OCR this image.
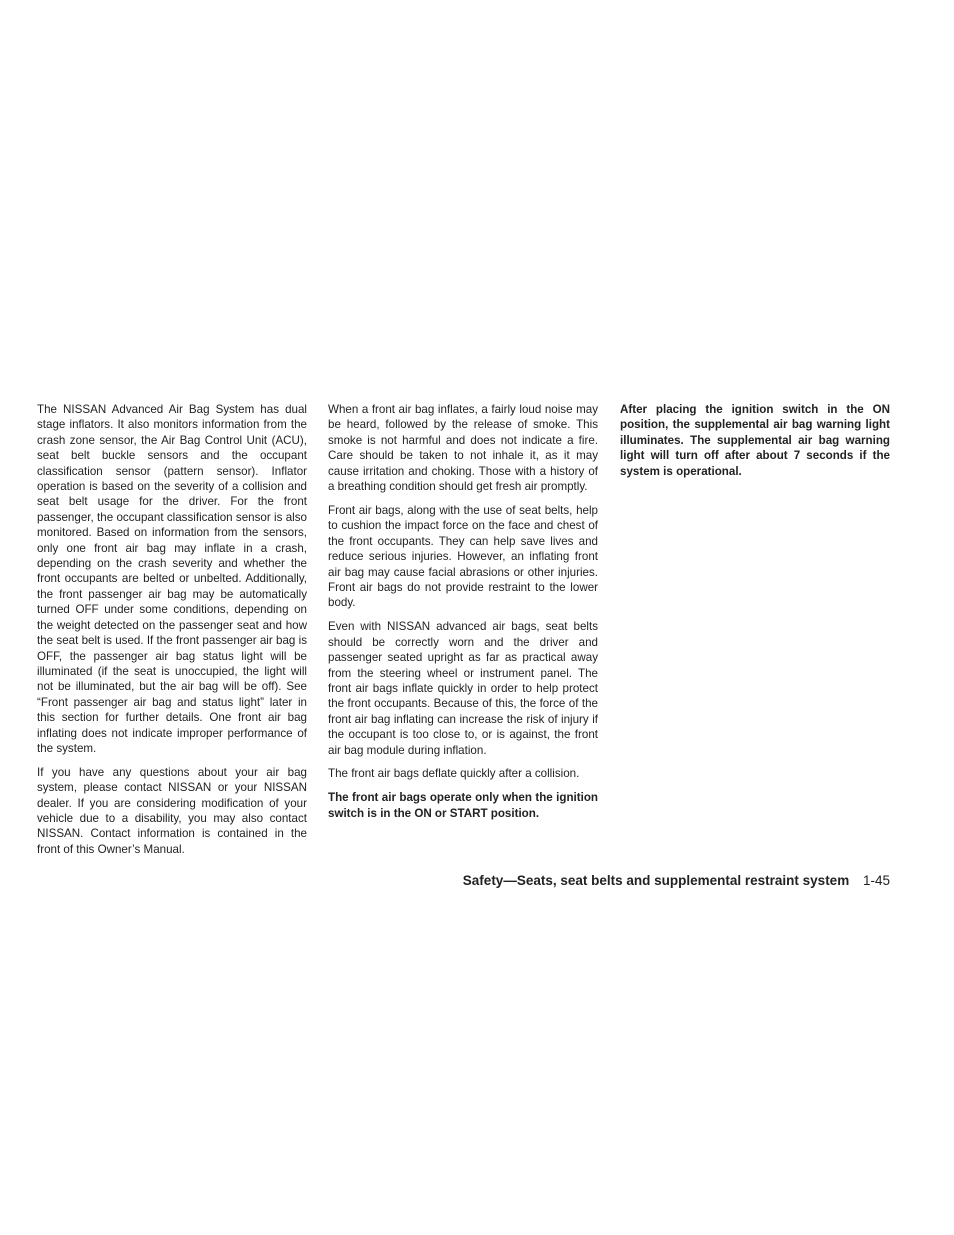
The NISSAN Advanced Air Bag System has dual stage inflators. It also monitors information from the crash zone sensor, the Air Bag Control Unit (ACU), seat belt buckle sensors and the occupant classification sensor (pattern sensor). Inflator operation is based on the severity of a collision and seat belt usage for the driver. For the front passenger, the occupant classification sensor is also monitored. Based on information from the sensors, only one front air bag may inflate in a crash, depending on the crash severity and whether the front occupants are belted or unbelted. Additionally, the front passenger air bag may be automatically turned OFF under some conditions, depending on the weight detected on the passenger seat and how the seat belt is used. If the front passenger air bag is OFF, the passenger air bag status light will be illuminated (if the seat is unoccupied, the light will not be illuminated, but the air bag will be off). See “Front passenger air bag and status light” later in this section for further details. One front air bag inflating does not indicate improper performance of the system.

If you have any questions about your air bag system, please contact NISSAN or your NISSAN dealer. If you are considering modification of your vehicle due to a disability, you may also contact NISSAN. Contact information is contained in the front of this Owner’s Manual.

When a front air bag inflates, a fairly loud noise may be heard, followed by the release of smoke. This smoke is not harmful and does not indicate a fire. Care should be taken to not inhale it, as it may cause irritation and choking. Those with a history of a breathing condition should get fresh air promptly.

Front air bags, along with the use of seat belts, help to cushion the impact force on the face and chest of the front occupants. They can help save lives and reduce serious injuries. However, an inflating front air bag may cause facial abrasions or other injuries. Front air bags do not provide restraint to the lower body.

Even with NISSAN advanced air bags, seat belts should be correctly worn and the driver and passenger seated upright as far as practical away from the steering wheel or instrument panel. The front air bags inflate quickly in order to help protect the front occupants. Because of this, the force of the front air bag inflating can increase the risk of injury if the occupant is too close to, or is against, the front air bag module during inflation.

The front air bags deflate quickly after a collision.

The front air bags operate only when the ignition switch is in the ON or START position.

After placing the ignition switch in the ON position, the supplemental air bag warning light illuminates. The supplemental air bag warning light will turn off after about 7 seconds if the system is operational.

Safety—Seats, seat belts and supplemental restraint system 1-45
